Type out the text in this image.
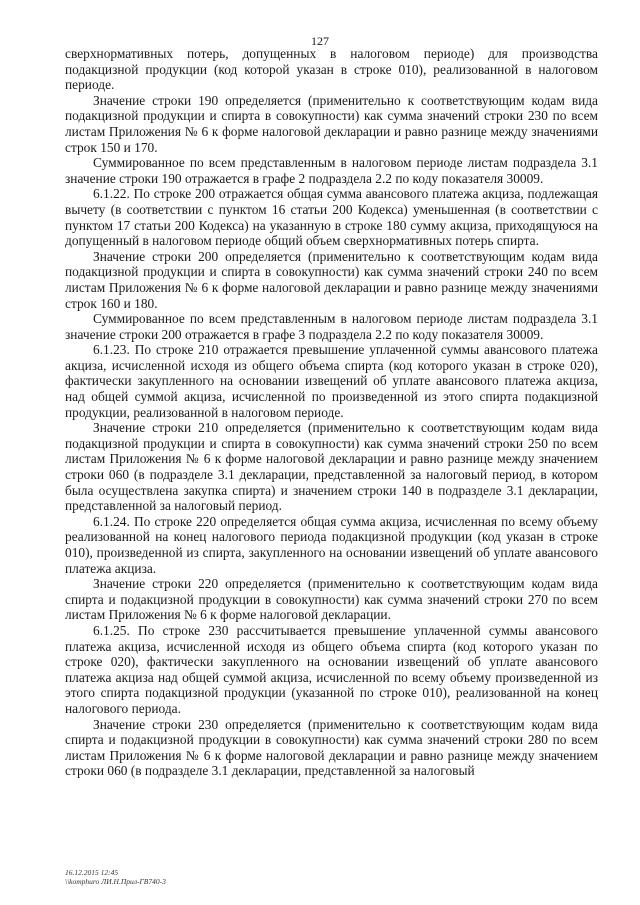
127

сверхнормативных потерь, допущенных в налоговом периоде) для производства подакцизной продукции (код которой указан в строке 010), реализованной в налоговом периоде.

Значение строки 190 определяется (применительно к соответствующим кодам вида подакцизной продукции и спирта в совокупности) как сумма значений строки 230 по всем листам Приложения № 6 к форме налоговой декларации и равно разнице между значениями строк 150 и 170.

Суммированное по всем представленным в налоговом периоде листам подраздела 3.1 значение строки 190 отражается в графе 2 подраздела 2.2 по коду показателя 30009.

6.1.22. По строке 200 отражается общая сумма авансового платежа акциза, подлежащая вычету (в соответствии с пунктом 16 статьи 200 Кодекса) уменьшенная (в соответствии с пунктом 17 статьи 200 Кодекса) на указанную в строке 180 сумму акциза, приходящуюся на допущенный в налоговом периоде общий объем сверхнормативных потерь спирта.

Значение строки 200 определяется (применительно к соответствующим кодам вида подакцизной продукции и спирта в совокупности) как сумма значений строки 240 по всем листам Приложения № 6 к форме налоговой декларации и равно разнице между значениями строк 160 и 180.

Суммированное по всем представленным в налоговом периоде листам подраздела 3.1 значение строки 200 отражается в графе 3 подраздела 2.2 по коду показателя 30009.

6.1.23. По строке 210 отражается превышение уплаченной суммы авансового платежа акциза, исчисленной исходя из общего объема спирта (код которого указан в строке 020), фактически закупленного на основании извещений об уплате авансового платежа акциза, над общей суммой акциза, исчисленной по произведенной из этого спирта подакцизной продукции, реализованной в налоговом периоде.

Значение строки 210 определяется (применительно к соответствующим кодам вида подакцизной продукции и спирта в совокупности) как сумма значений строки 250 по всем листам Приложения № 6 к форме налоговой декларации и равно разнице между значением строки 060 (в подразделе 3.1 декларации, представленной за налоговый период, в котором была осуществлена закупка спирта) и значением строки 140 в подразделе 3.1 декларации, представленной за налоговый период.

6.1.24. По строке 220 определяется общая сумма акциза, исчисленная по всему объему реализованной на конец налогового периода подакцизной продукции (код указан в строке 010), произведенной из спирта, закупленного на основании извещений об уплате авансового платежа акциза.

Значение строки 220 определяется (применительно к соответствующим кодам вида спирта и подакцизной продукции в совокупности) как сумма значений строки 270 по всем листам Приложения № 6 к форме налоговой декларации.

6.1.25. По строке 230 рассчитывается превышение уплаченной суммы авансового платежа акциза, исчисленной исходя из общего объема спирта (код которого указан по строке 020), фактически закупленного на основании извещений об уплате авансового платежа акциза над общей суммой акциза, исчисленной по всему объему произведенной из этого спирта подакцизной продукции (указанной по строке 010), реализованной на конец налогового периода.

Значение строки 230 определяется (применительно к соответствующим кодам вида спирта и подакцизной продукции в совокупности) как сумма значений строки 280 по всем листам Приложения № 6 к форме налоговой декларации и равно разнице между значением строки 060 (в подразделе 3.1 декларации, представленной за налоговый

16.12.2015 12:45
\\komphuro ЛИ.Н.Прил-ГВ740-3
